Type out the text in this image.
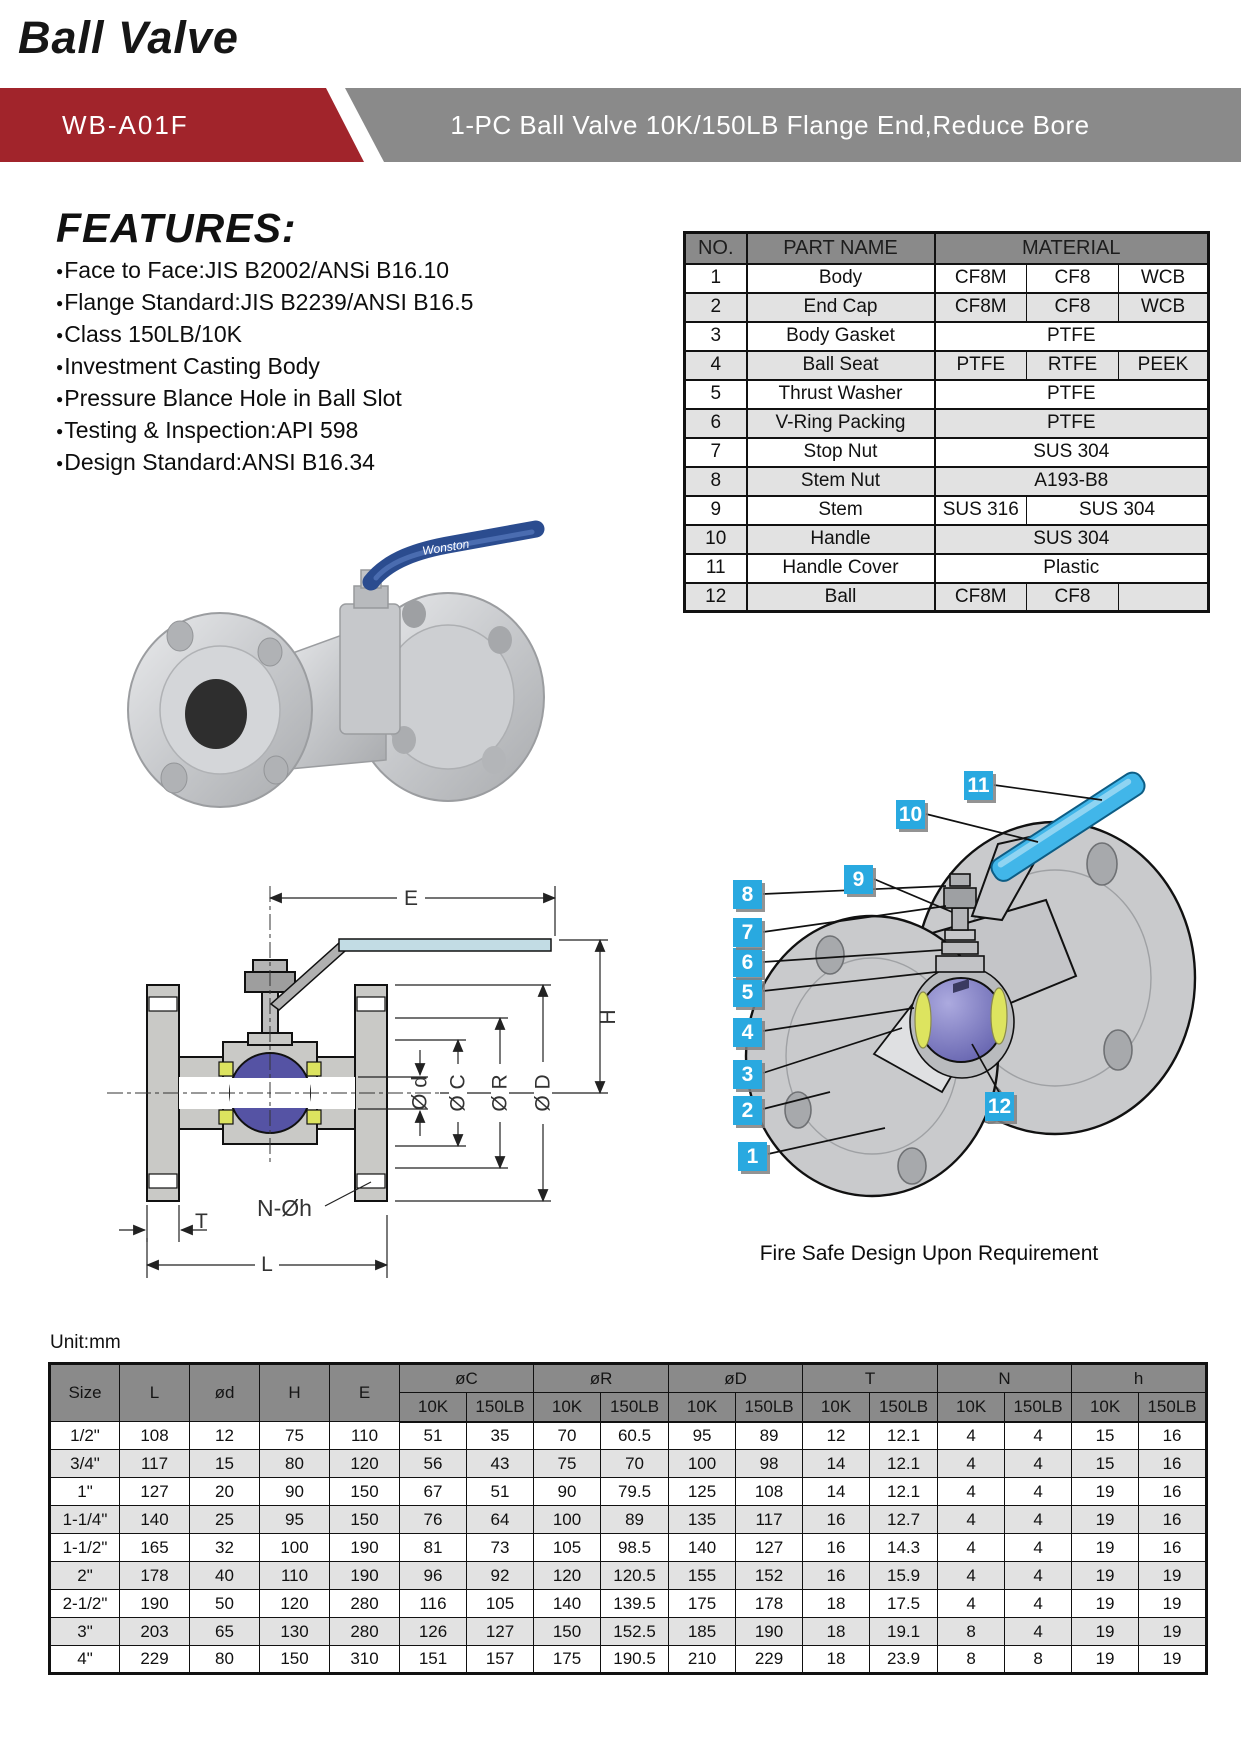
Ball Valve
WB-A01F	1-PC Ball Valve 10K/150LB Flange End,Reduce Bore
FEATURES:
●Face to Face:JIS B2002/ANSi B16.10
●Flange Standard:JIS B2239/ANSI B16.5
●Class 150LB/10K
●Investment Casting Body
●Pressure Blance Hole in Ball Slot
●Testing & Inspection:API 598
●Design Standard:ANSI B16.34
NO.	PART NAME	MATERIAL		
1	Body	CF8M	CF8	WCB
2	End Cap	CF8M	CF8	WCB
3	Body Gasket	PTFE		
4	Ball Seat	PTFE	RTFE	PEEK
5	Thrust Washer	PTFE		
6	V-Ring Packing	PTFE		
7	Stop Nut	SUS 304		
8	Stem Nut	A193-B8		
9	Stem	SUS 316	SUS 304	
10	Handle	SUS 304		
11	Handle Cover	Plastic		
12	Ball	CF8M	CF8	
Wonston
E
H
Ø D
Ø R
Ø C
Ø d
N-Øh
T
L
1
2
3
4
5
6
7
8
9
10
11
12
Fire Safe Design Upon Requirement
Unit:mm
Size	L	ød	H	E	øC		øR		øD		T		N		h	
					10K	150LB	10K	150LB	10K	150LB	10K	150LB	10K	150LB	10K	150LB
1/2"	108	12	75	110	51	35	70	60.5	95	89	12	12.1	4	4	15	16
3/4"	117	15	80	120	56	43	75	70	100	98	14	12.1	4	4	15	16
1"	127	20	90	150	67	51	90	79.5	125	108	14	12.1	4	4	19	16
1-1/4"	140	25	95	150	76	64	100	89	135	117	16	12.7	4	4	19	16
1-1/2"	165	32	100	190	81	73	105	98.5	140	127	16	14.3	4	4	19	16
2"	178	40	110	190	96	92	120	120.5	155	152	16	15.9	4	4	19	19
2-1/2"	190	50	120	280	116	105	140	139.5	175	178	18	17.5	4	4	19	19
3"	203	65	130	280	126	127	150	152.5	185	190	18	19.1	8	4	19	19
4"	229	80	150	310	151	157	175	190.5	210	229	18	23.9	8	8	19	19
